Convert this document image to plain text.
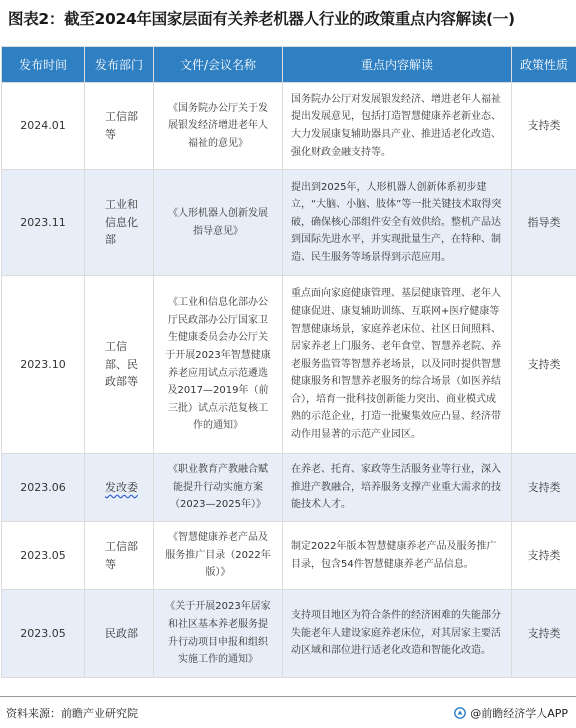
图表2：截至2024年国家层面有关养老机器人行业的政策重点内容解读(一)
发布时间	发布部门	文件/会议名称	重点内容解读	政策性质
2024.01	工信部等	《国务院办公厅关于发展银发经济增进老年人福祉的意见》	国务院办公厅对发展银发经济、增进老年人福祉提出发展意见，包括打造智慧健康养老新业态、大力发展康复辅助器具产业、推进适老化改造、强化财政金融支持等。	支持类
2023.11	工业和信息化部	《人形机器人创新发展指导意见》	提出到2025年，人形机器人创新体系初步建立，“大脑、小脑、肢体”等一批关键技术取得突破，确保核心部组件安全有效供给。整机产品达到国际先进水平，并实现批量生产，在特种、制造、民生服务等场景得到示范应用。	指导类
2023.10	工信部、民政部等	《工业和信息化部办公厅民政部办公厅国家卫生健康委员会办公厅关于开展2023年智慧健康养老应用试点示范遴选及2017—2019年（前三批）试点示范复核工作的通知》	重点面向家庭健康管理、基层健康管理、老年人健康促进、康复辅助训练、互联网+医疗健康等智慧健康场景，家庭养老床位、社区日间照料、居家养老上门服务、老年食堂、智慧养老院、养老服务监管等智慧养老场景，以及同时提供智慧健康服务和智慧养老服务的综合场景（如医养结合），培育一批科技创新能力突出、商业模式成熟的示范企业，打造一批聚集效应凸显、经济带动作用显著的示范产业园区。	支持类
2023.06	发改委	《职业教育产教融合赋能提升行动实施方案（2023—2025年）》	在养老、托育、家政等生活服务业等行业，深入推进产教融合，培养服务支撑产业重大需求的技能技术人才。	支持类
2023.05	工信部等	《智慧健康养老产品及服务推广目录（2022年版）》	制定2022年版本智慧健康养老产品及服务推广目录，包含54件智慧健康养老产品信息。	支持类
2023.05	民政部	《关于开展2023年居家和社区基本养老服务提升行动项目申报和组织实施工作的通知》	支持项目地区为符合条件的经济困难的失能部分失能老年人建设家庭养老床位，对其居家主要活动区域和部位进行适老化改造和智能化改造。	支持类
资料来源：前瞻产业研究院	@前瞻经济学人APP
